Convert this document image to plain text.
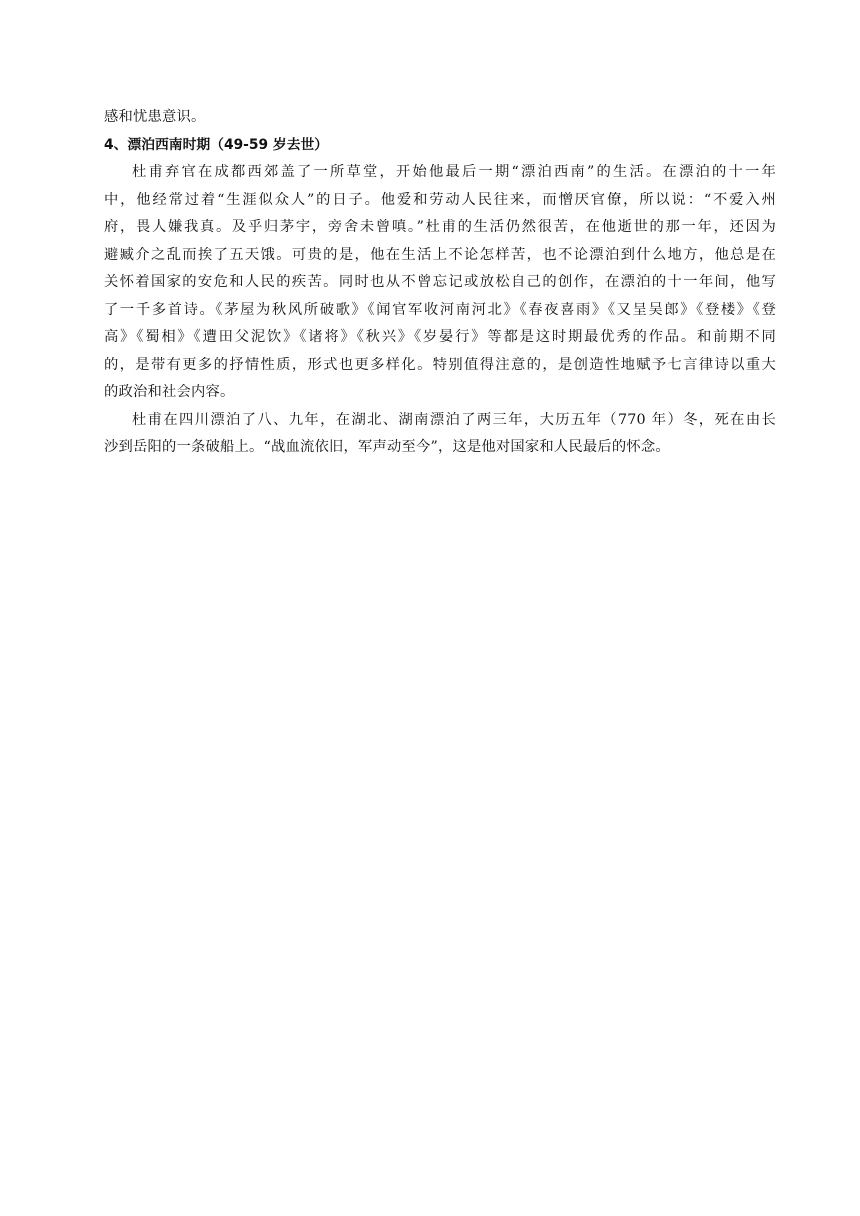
感和忧患意识。

4、漂泊西南时期（49-59 岁去世）

杜甫弃官在成都西郊盖了一所草堂，开始他最后一期“漂泊西南”的生活。在漂泊的十一年

中，他经常过着“生涯似众人”的日子。他爱和劳动人民往来，而憎厌官僚，所以说：“不爱入州

府，畏人嫌我真。及乎归茅宇，旁舍未曾嗔。”杜甫的生活仍然很苦，在他逝世的那一年，还因为

避臧介之乱而挨了五天饿。可贵的是，他在生活上不论怎样苦，也不论漂泊到什么地方，他总是在

关怀着国家的安危和人民的疾苦。同时也从不曾忘记或放松自己的创作，在漂泊的十一年间，他写

了一千多首诗。《茅屋为秋风所破歌》《闻官军收河南河北》《春夜喜雨》《又呈吴郎》《登楼》《登

高》《蜀相》《遭田父泥饮》《诸将》《秋兴》《岁晏行》等都是这时期最优秀的作品。和前期不同

的，是带有更多的抒情性质，形式也更多样化。特别值得注意的，是创造性地赋予七言律诗以重大

的政治和社会内容。

杜甫在四川漂泊了八、九年，在湖北、湖南漂泊了两三年，大历五年（770 年）冬，死在由长

沙到岳阳的一条破船上。“战血流依旧，军声动至今”，这是他对国家和人民最后的怀念。
